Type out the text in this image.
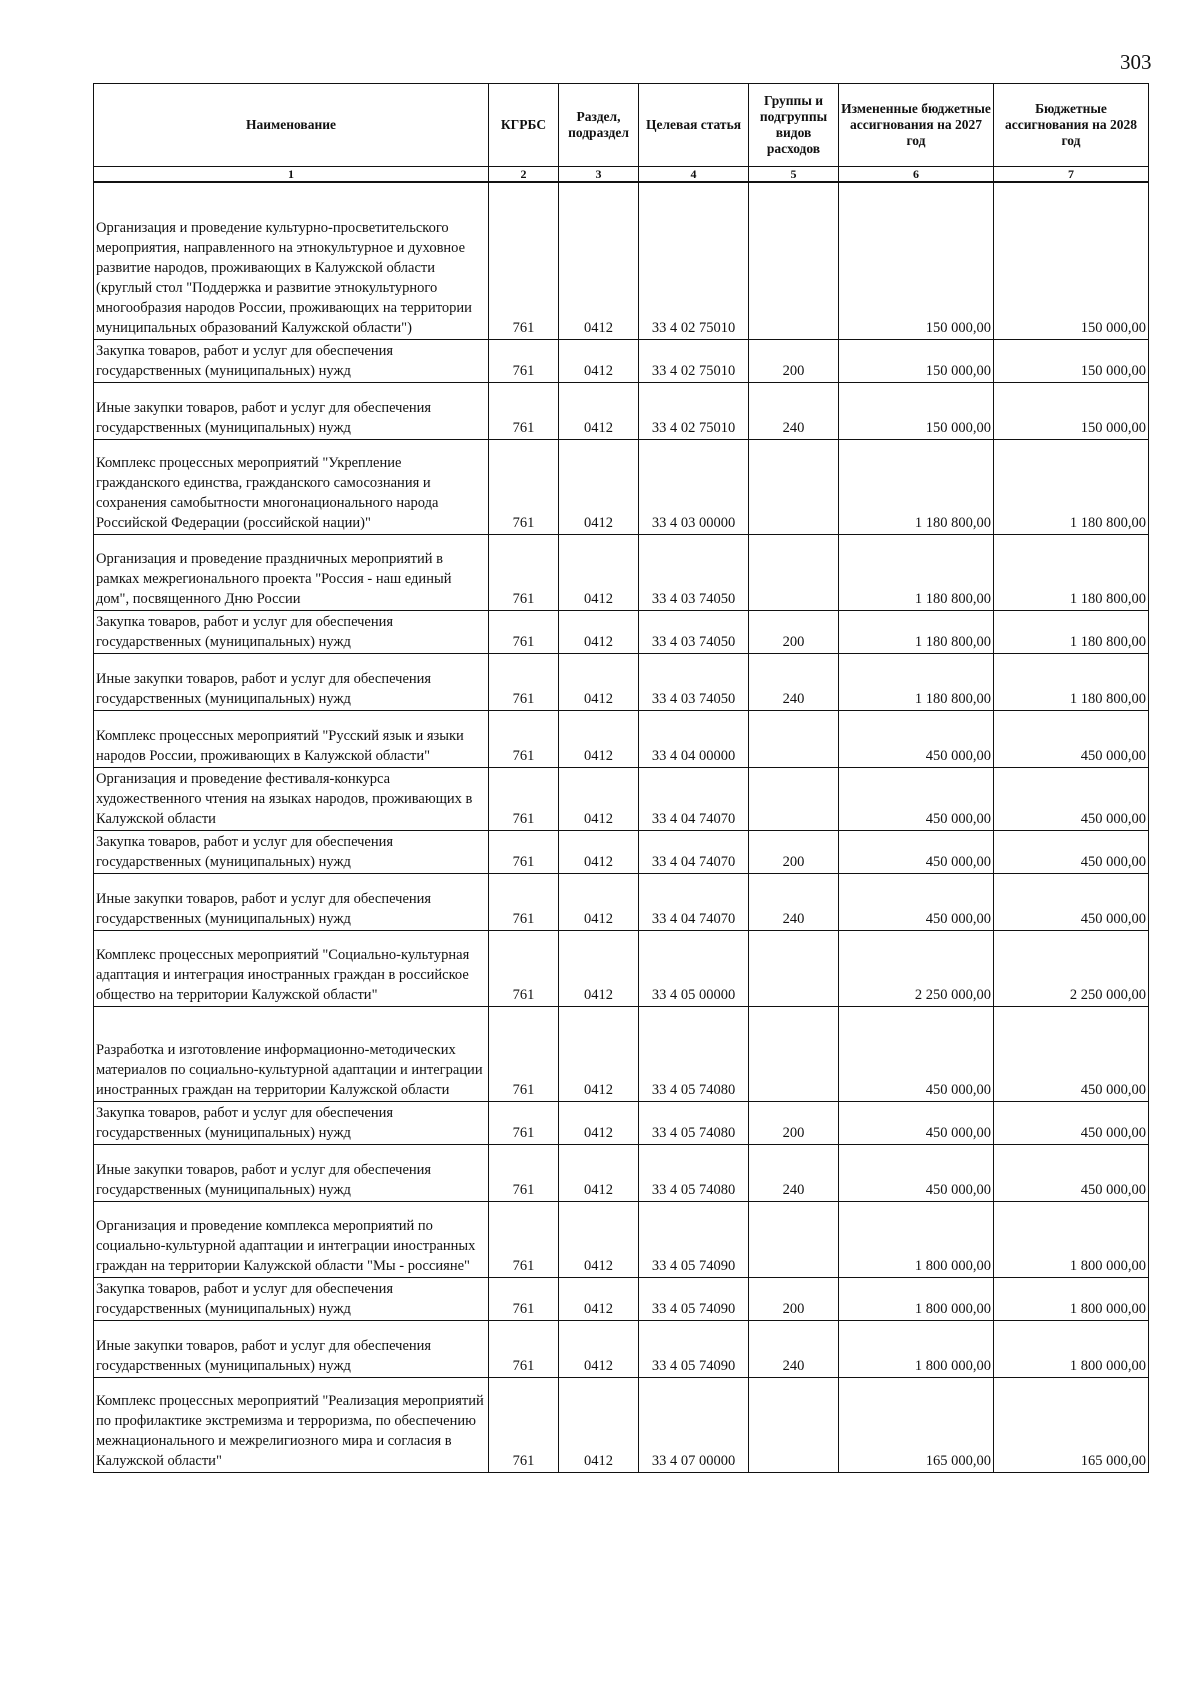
303
Наименование	КГРБС	Раздел, подраздел	Целевая статья	Группы и подгруппы видов расходов	Измененные бюджетные ассигнования на 2027 год	Бюджетные ассигнования на 2028 год
1	2	3	4	5	6	7
Организация и проведение культурно-просветительского мероприятия, направленного на этнокультурное и духовное развитие народов, проживающих в Калужской области (круглый стол "Поддержка и развитие этнокультурного многообразия народов России, проживающих на территории муниципальных образований Калужской области")	761	0412	33 4 02 75010		150 000,00	150 000,00
Закупка товаров, работ и услуг для обеспечения государственных (муниципальных) нужд	761	0412	33 4 02 75010	200	150 000,00	150 000,00
Иные закупки товаров, работ и услуг для обеспечения государственных (муниципальных) нужд	761	0412	33 4 02 75010	240	150 000,00	150 000,00
Комплекс процессных мероприятий "Укрепление гражданского единства, гражданского самосознания и сохранения самобытности многонационального народа Российской Федерации (российской нации)"	761	0412	33 4 03 00000		1 180 800,00	1 180 800,00
Организация и проведение праздничных мероприятий в рамках межрегионального проекта "Россия - наш единый дом", посвященного Дню России	761	0412	33 4 03 74050		1 180 800,00	1 180 800,00
Закупка товаров, работ и услуг для обеспечения государственных (муниципальных) нужд	761	0412	33 4 03 74050	200	1 180 800,00	1 180 800,00
Иные закупки товаров, работ и услуг для обеспечения государственных (муниципальных) нужд	761	0412	33 4 03 74050	240	1 180 800,00	1 180 800,00
Комплекс процессных мероприятий "Русский язык и языки народов России, проживающих в Калужской области"	761	0412	33 4 04 00000		450 000,00	450 000,00
Организация и проведение фестиваля-конкурса художественного чтения на языках народов, проживающих в Калужской области	761	0412	33 4 04 74070		450 000,00	450 000,00
Закупка товаров, работ и услуг для обеспечения государственных (муниципальных) нужд	761	0412	33 4 04 74070	200	450 000,00	450 000,00
Иные закупки товаров, работ и услуг для обеспечения государственных (муниципальных) нужд	761	0412	33 4 04 74070	240	450 000,00	450 000,00
Комплекс процессных мероприятий "Социально-культурная адаптация и интеграция иностранных граждан в российское общество на территории Калужской области"	761	0412	33 4 05 00000		2 250 000,00	2 250 000,00
Разработка и изготовление информационно-методических материалов по социально-культурной адаптации и интеграции иностранных граждан на территории Калужской области	761	0412	33 4 05 74080		450 000,00	450 000,00
Закупка товаров, работ и услуг для обеспечения государственных (муниципальных) нужд	761	0412	33 4 05 74080	200	450 000,00	450 000,00
Иные закупки товаров, работ и услуг для обеспечения государственных (муниципальных) нужд	761	0412	33 4 05 74080	240	450 000,00	450 000,00
Организация и проведение комплекса мероприятий по социально-культурной адаптации и интеграции иностранных граждан на территории Калужской области "Мы - россияне"	761	0412	33 4 05 74090		1 800 000,00	1 800 000,00
Закупка товаров, работ и услуг для обеспечения государственных (муниципальных) нужд	761	0412	33 4 05 74090	200	1 800 000,00	1 800 000,00
Иные закупки товаров, работ и услуг для обеспечения государственных (муниципальных) нужд	761	0412	33 4 05 74090	240	1 800 000,00	1 800 000,00
Комплекс процессных мероприятий "Реализация мероприятий по профилактике экстремизма и терроризма, по обеспечению межнационального и межрелигиозного мира и согласия в Калужской области"	761	0412	33 4 07 00000		165 000,00	165 000,00
